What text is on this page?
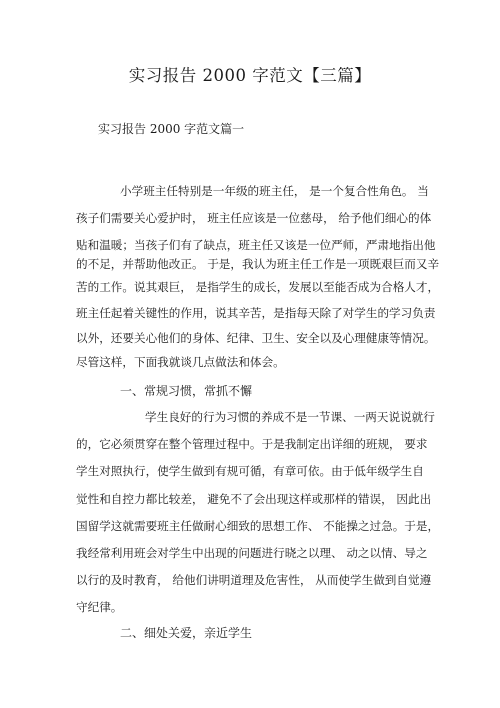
实习报告 2000 字范文【三篇】
实习报告 2000 字范文篇一
小学班主任特别是一年级的班主任， 是一个复合性角色。 当
孩子们需要关心爱护时， 班主任应该是一位慈母， 给予他们细心的体
贴和温暖；当孩子们有了缺点，班主任又该是一位严师，严肃地指出他
的不足，并帮助他改正。 于是，我认为班主任工作是一项既艰巨而又辛
苦的工作。说其艰巨， 是指学生的成长，发展以至能否成为合格人才，
班主任起着关键性的作用，说其辛苦，是指每天除了对学生的学习负责
以外，还要关心他们的身体、纪律、卫生、安全以及心理健康等情况。
尽管这样，下面我就谈几点做法和体会。
一、常规习惯，常抓不懈
学生良好的行为习惯的养成不是一节课、一两天说说就行
的，它必须贯穿在整个管理过程中。于是我制定出详细的班规， 要求
学生对照执行，使学生做到有规可循，有章可依。由于低年级学生自
觉性和自控力都比较差， 避免不了会出现这样或那样的错误， 因此出
国留学这就需要班主任做耐心细致的思想工作、 不能操之过急。于是，
我经常利用班会对学生中出现的问题进行晓之以理、 动之以情、导之
以行的及时教育， 给他们讲明道理及危害性， 从而使学生做到自觉遵
守纪律。
二、细处关爱，亲近学生
